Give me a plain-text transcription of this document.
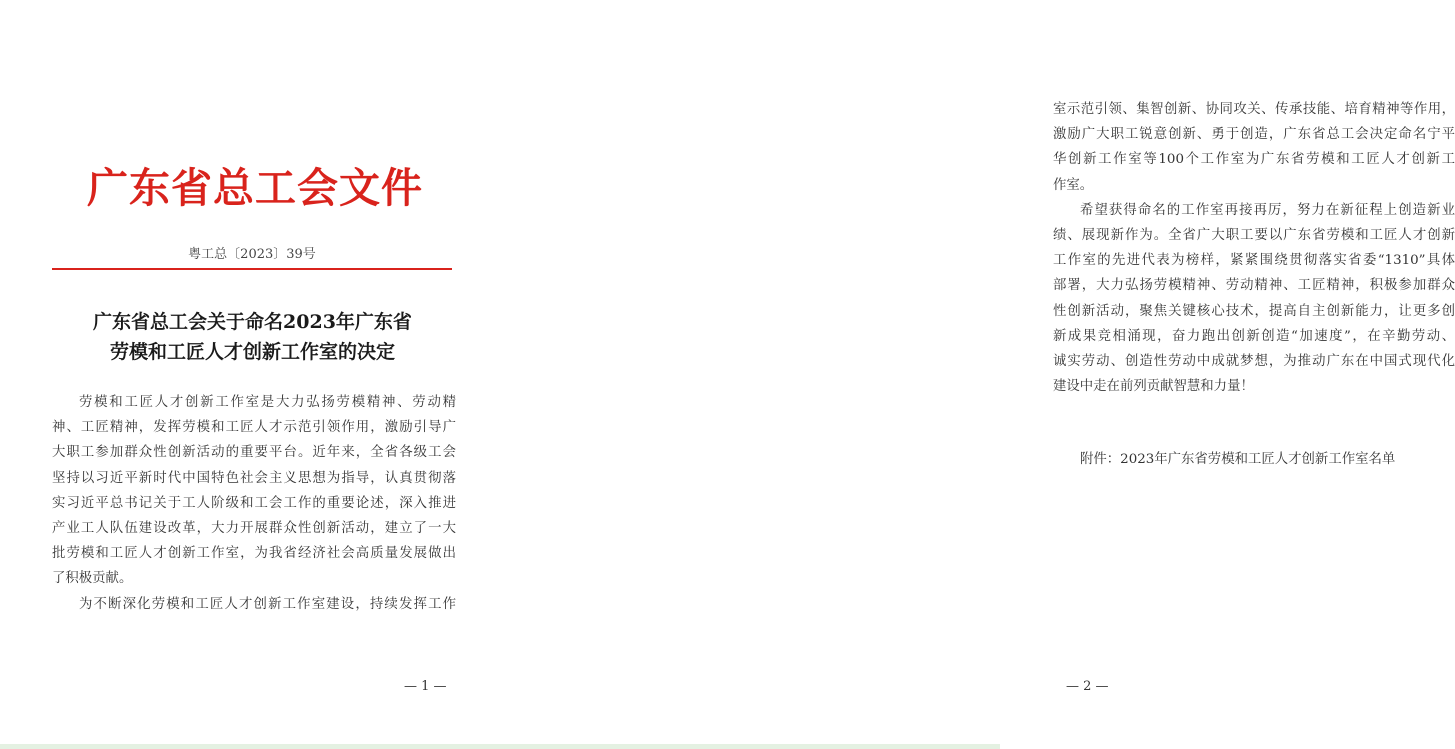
广东省总工会文件
粤工总〔2023〕39号
广东省总工会关于命名2023年广东省
劳模和工匠人才创新工作室的决定
劳模和工匠人才创新工作室是大力弘扬劳模精神、劳动精
神、工匠精神，发挥劳模和工匠人才示范引领作用，激励引导广
大职工参加群众性创新活动的重要平台。近年来，全省各级工会
坚持以习近平新时代中国特色社会主义思想为指导，认真贯彻落
实习近平总书记关于工人阶级和工会工作的重要论述，深入推进
产业工人队伍建设改革，大力开展群众性创新活动，建立了一大
批劳模和工匠人才创新工作室，为我省经济社会高质量发展做出
了积极贡献。
为不断深化劳模和工匠人才创新工作室建设，持续发挥工作
— 1 —
室示范引领、集智创新、协同攻关、传承技能、培育精神等作用，
激励广大职工锐意创新、勇于创造，广东省总工会决定命名宁平
华创新工作室等100个工作室为广东省劳模和工匠人才创新工
作室。
希望获得命名的工作室再接再厉，努力在新征程上创造新业
绩、展现新作为。全省广大职工要以广东省劳模和工匠人才创新
工作室的先进代表为榜样，紧紧围绕贯彻落实省委“1310”具体
部署，大力弘扬劳模精神、劳动精神、工匠精神，积极参加群众
性创新活动，聚焦关键核心技术，提高自主创新能力，让更多创
新成果竞相涌现，奋力跑出创新创造“加速度”，在辛勤劳动、
诚实劳动、创造性劳动中成就梦想，为推动广东在中国式现代化
建设中走在前列贡献智慧和力量！
附件：2023年广东省劳模和工匠人才创新工作室名单
— 2 —
